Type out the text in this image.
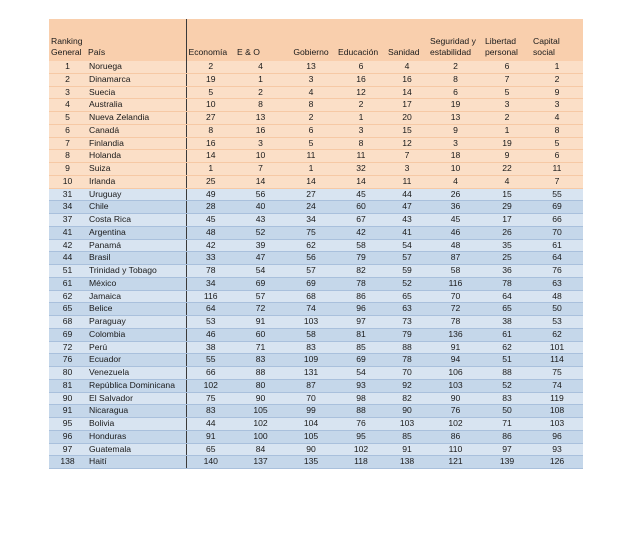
Ranking General	País	Economía	E & O	Gobierno	Educación	Sanidad	Seguridad y estabilidad	Libertad personal	Capital social
1	Noruega	2	4	13	6	4	2	6	1
2	Dinamarca	19	1	3	16	16	8	7	2
3	Suecia	5	2	4	12	14	6	5	9
4	Australia	10	8	8	2	17	19	3	3
5	Nueva Zelandia	27	13	2	1	20	13	2	4
6	Canadá	8	16	6	3	15	9	1	8
7	Finlandia	16	3	5	8	12	3	19	5
8	Holanda	14	10	11	11	7	18	9	6
9	Suiza	1	7	1	32	3	10	22	11
10	Irlanda	25	14	14	14	11	4	4	7
31	Uruguay	49	56	27	45	44	26	15	55
34	Chile	28	40	24	60	47	36	29	69
37	Costa Rica	45	43	34	67	43	45	17	66
41	Argentina	48	52	75	42	41	46	26	70
42	Panamá	42	39	62	58	54	48	35	61
44	Brasil	33	47	56	79	57	87	25	64
51	Trinidad y Tobago	78	54	57	82	59	58	36	76
61	México	34	69	69	78	52	116	78	63
62	Jamaica	116	57	68	86	65	70	64	48
65	Belice	64	72	74	96	63	72	65	50
68	Paraguay	53	91	103	97	73	78	38	53
69	Colombia	46	60	58	81	79	136	61	62
72	Perú	38	71	83	85	88	91	62	101
76	Ecuador	55	83	109	69	78	94	51	114
80	Venezuela	66	88	131	54	70	106	88	75
81	República Dominicana	102	80	87	93	92	103	52	74
90	El Salvador	75	90	70	98	82	90	83	119
91	Nicaragua	83	105	99	88	90	76	50	108
95	Bolivia	44	102	104	76	103	102	71	103
96	Honduras	91	100	105	95	85	86	86	96
97	Guatemala	65	84	90	102	91	110	97	93
138	Haití	140	137	135	118	138	121	139	126
